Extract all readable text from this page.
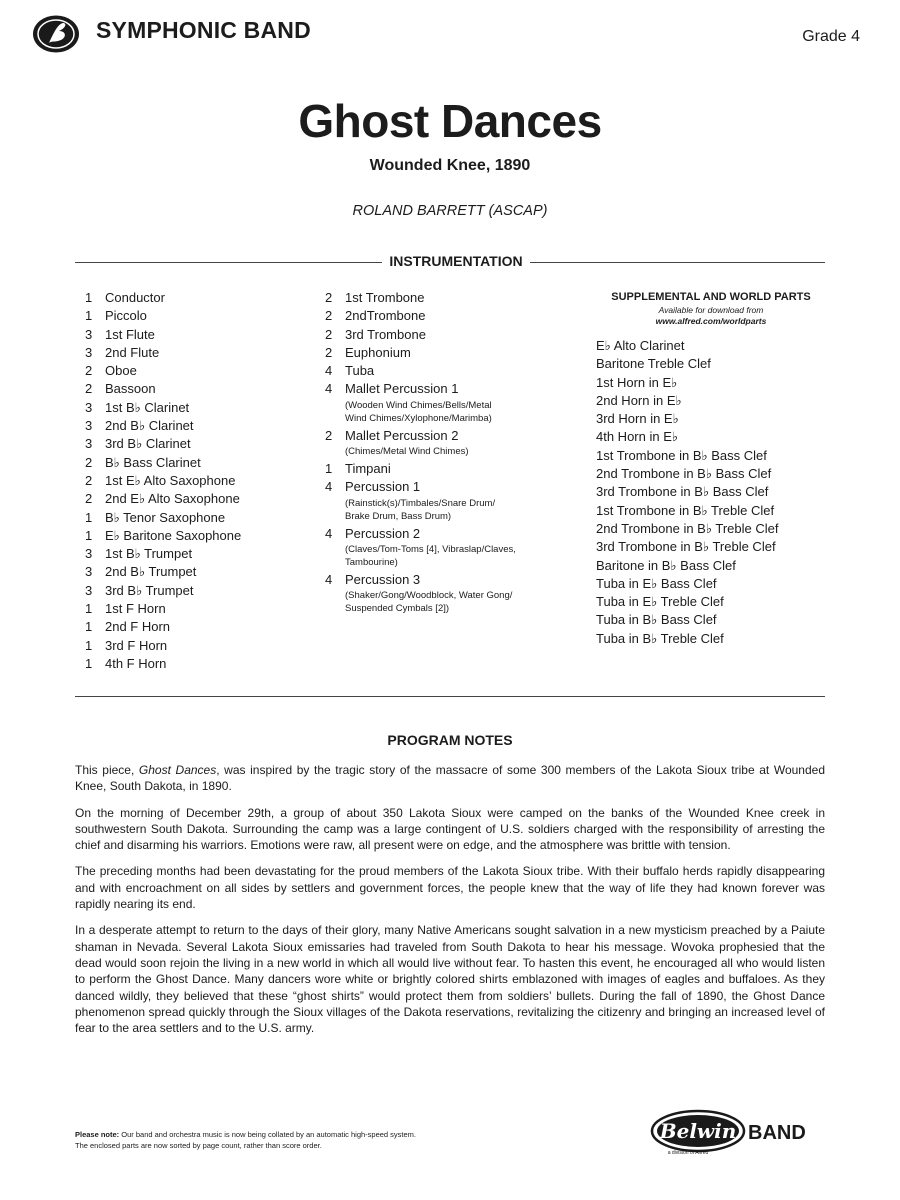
SYMPHONIC BAND	Grade 4
Ghost Dances
Wounded Knee, 1890
ROLAND BARRETT (ASCAP)
INSTRUMENTATION
1 Conductor
1 Piccolo
3 1st Flute
3 2nd Flute
2 Oboe
2 Bassoon
3 1st B♭ Clarinet
3 2nd B♭ Clarinet
3 3rd B♭ Clarinet
2 B♭ Bass Clarinet
2 1st E♭ Alto Saxophone
2 2nd E♭ Alto Saxophone
1 B♭ Tenor Saxophone
1 E♭ Baritone Saxophone
3 1st B♭ Trumpet
3 2nd B♭ Trumpet
3 3rd B♭ Trumpet
1 1st F Horn
1 2nd F Horn
1 3rd F Horn
1 4th F Horn
2 1st Trombone
2 2ndTrombone
2 3rd Trombone
2 Euphonium
4 Tuba
4 Mallet Percussion 1
(Wooden Wind Chimes/Bells/Metal
Wind Chimes/Xylophone/Marimba)
2 Mallet Percussion 2
(Chimes/Metal Wind Chimes)
1 Timpani
4 Percussion 1
(Rainstick(s)/Timbales/Snare Drum/
Brake Drum, Bass Drum)
4 Percussion 2
(Claves/Tom-Toms [4], Vibraslap/Claves,
Tambourine)
4 Percussion 3
(Shaker/Gong/Woodblock, Water Gong/
Suspended Cymbals [2])
SUPPLEMENTAL AND WORLD PARTS
Available for download from
www.alfred.com/worldparts
E♭ Alto Clarinet
Baritone Treble Clef
1st Horn in E♭
2nd Horn in E♭
3rd Horn in E♭
4th Horn in E♭
1st Trombone in B♭ Bass Clef
2nd Trombone in B♭ Bass Clef
3rd Trombone in B♭ Bass Clef
1st Trombone in B♭ Treble Clef
2nd Trombone in B♭ Treble Clef
3rd Trombone in B♭ Treble Clef
Baritone in B♭ Bass Clef
Tuba in E♭ Bass Clef
Tuba in E♭ Treble Clef
Tuba in B♭ Bass Clef
Tuba in B♭ Treble Clef
PROGRAM NOTES

This piece, Ghost Dances, was inspired by the tragic story of the massacre of some 300 members of the Lakota Sioux tribe at Wounded Knee, South Dakota, in 1890.

On the morning of December 29th, a group of about 350 Lakota Sioux were camped on the banks of the Wounded Knee creek in southwestern South Dakota. Surrounding the camp was a large contingent of U.S. soldiers charged with the responsibility of arresting the chief and disarming his warriors. Emotions were raw, all present were on edge, and the atmosphere was brittle with tension.

The preceding months had been devastating for the proud members of the Lakota Sioux tribe. With their buffalo herds rapidly disappearing and with encroachment on all sides by settlers and government forces, the people knew that the way of life they had known forever was rapidly nearing its end.

In a desperate attempt to return to the days of their glory, many Native Americans sought salvation in a new mysticism preached by a Paiute shaman in Nevada. Several Lakota Sioux emissaries had traveled from South Dakota to hear his message. Wovoka prophesied that the dead would soon rejoin the living in a new world in which all would live without fear. To hasten this event, he encouraged all who would listen to perform the Ghost Dance. Many dancers wore white or brightly colored shirts emblazoned with images of eagles and buffaloes. As they danced wildly, they believed that these “ghost shirts” would protect them from soldiers’ bullets. During the fall of 1890, the Ghost Dance phenomenon spread quickly through the Sioux villages of the Dakota reservations, revitalizing the citizenry and bringing an increased level of fear to the area settlers and to the U.S. army.

Please note: Our band and orchestra music is now being collated by an automatic high-speed system.
The enclosed parts are now sorted by page count, rather than score order.
Belwin BAND
a division of Alfred
